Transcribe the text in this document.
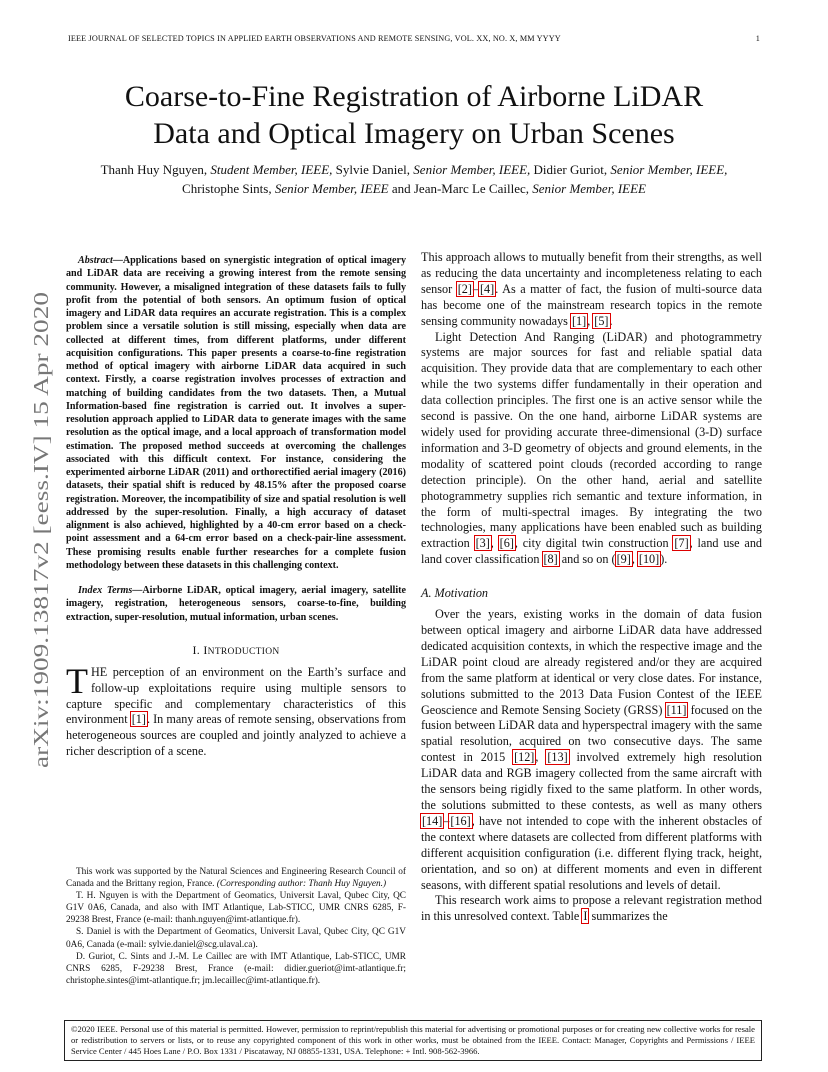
IEEE JOURNAL OF SELECTED TOPICS IN APPLIED EARTH OBSERVATIONS AND REMOTE SENSING, VOL. XX, NO. X, MM YYYY	1
Coarse-to-Fine Registration of Airborne LiDAR
Data and Optical Imagery on Urban Scenes
Thanh Huy Nguyen, Student Member, IEEE, Sylvie Daniel, Senior Member, IEEE, Didier Guriot, Senior Member, IEEE, Christophe Sints, Senior Member, IEEE and Jean-Marc Le Caillec, Senior Member, IEEE
arXiv:1909.13817v2 [eess.IV] 15 Apr 2020

Abstract—Applications based on synergistic integration of optical imagery and LiDAR data are receiving a growing interest from the remote sensing community. However, a misaligned integration of these datasets fails to fully profit from the potential of both sensors. An optimum fusion of optical imagery and LiDAR data requires an accurate registration. This is a complex problem since a versatile solution is still missing, especially when data are collected at different times, from different platforms, under different acquisition configurations. This paper presents a coarse-to-fine registration method of optical imagery with airborne LiDAR data acquired in such context. Firstly, a coarse registration involves processes of extraction and matching of building candidates from the two datasets. Then, a Mutual Information-based fine registration is carried out. It involves a super-resolution approach applied to LiDAR data to generate images with the same resolution as the optical image, and a local approach of transformation model estimation. The proposed method succeeds at overcoming the challenges associated with this difficult context. For instance, considering the experimented airborne LiDAR (2011) and orthorectified aerial imagery (2016) datasets, their spatial shift is reduced by 48.15% after the proposed coarse registration. Moreover, the incompatibility of size and spatial resolution is well addressed by the super-resolution. Finally, a high accuracy of dataset alignment is also achieved, highlighted by a 40-cm error based on a check-point assessment and a 64-cm error based on a check-pair-line assessment. These promising results enable further researches for a complete fusion methodology between these datasets in this challenging context.

Index Terms—Airborne LiDAR, optical imagery, aerial imagery, satellite imagery, registration, heterogeneous sensors, coarse-to-fine, building extraction, super-resolution, mutual information, urban scenes.

I. INTRODUCTION

THE perception of an environment on the Earth’s surface and follow-up exploitations require using multiple sensors to capture specific and complementary characteristics of this environment [1]. In many areas of remote sensing, observations from heterogeneous sources are coupled and jointly analyzed to achieve a richer description of a scene.

This work was supported by the Natural Sciences and Engineering Research Council of Canada and the Brittany region, France. (Corresponding author: Thanh Huy Nguyen.)

T. H. Nguyen is with the Department of Geomatics, Universit Laval, Qubec City, QC G1V 0A6, Canada, and also with IMT Atlantique, Lab-STICC, UMR CNRS 6285, F-29238 Brest, France (e-mail: thanh.nguyen@imt-atlantique.fr).

S. Daniel is with the Department of Geomatics, Universit Laval, Qubec City, QC G1V 0A6, Canada (e-mail: sylvie.daniel@scg.ulaval.ca).

D. Guriot, C. Sints and J.-M. Le Caillec are with IMT Atlantique, Lab-STICC, UMR CNRS 6285, F-29238 Brest, France (e-mail: didier.gueriot@imt-atlantique.fr; christophe.sintes@imt-atlantique.fr; jm.lecaillec@imt-atlantique.fr).

This approach allows to mutually benefit from their strengths, as well as reducing the data uncertainty and incompleteness relating to each sensor [2]–[4]. As a matter of fact, the fusion of multi-source data has become one of the mainstream research topics in the remote sensing community nowadays [1], [5].

Light Detection And Ranging (LiDAR) and photogrammetry systems are major sources for fast and reliable spatial data acquisition. They provide data that are complementary to each other while the two systems differ fundamentally in their operation and data collection principles. The first one is an active sensor while the second is passive. On the one hand, airborne LiDAR systems are widely used for providing accurate three-dimensional (3-D) surface information and 3-D geometry of objects and ground elements, in the modality of scattered point clouds (recorded according to range detection principle). On the other hand, aerial and satellite photogrammetry supplies rich semantic and texture information, in the form of multi-spectral images. By integrating the two technologies, many applications have been enabled such as building extraction [3], [6], city digital twin construction [7], land use and land cover classification [8] and so on ([9], [10]).

A. Motivation

Over the years, existing works in the domain of data fusion between optical imagery and airborne LiDAR data have addressed dedicated acquisition contexts, in which the respective image and the LiDAR point cloud are already registered and/or they are acquired from the same platform at identical or very close dates. For instance, solutions submitted to the 2013 Data Fusion Contest of the IEEE Geoscience and Remote Sensing Society (GRSS) [11] focused on the fusion between LiDAR data and hyperspectral imagery with the same spatial resolution, acquired on two consecutive days. The same contest in 2015 [12], [13] involved extremely high resolution LiDAR data and RGB imagery collected from the same aircraft with the sensors being rigidly fixed to the same platform. In other words, the solutions submitted to these contests, as well as many others [14]–[16], have not intended to cope with the inherent obstacles of the context where datasets are collected from different platforms with different acquisition configuration (i.e. different flying track, height, orientation, and so on) at different moments and even in different seasons, with different spatial resolutions and levels of detail.

This research work aims to propose a relevant registration method in this unresolved context. Table I summarizes the

©2020 IEEE. Personal use of this material is permitted. However, permission to reprint/republish this material for advertising or promotional purposes or for creating new collective works for resale or redistribution to servers or lists, or to reuse any copyrighted component of this work in other works, must be obtained from the IEEE. Contact: Manager, Copyrights and Permissions / IEEE Service Center / 445 Hoes Lane / P.O. Box 1331 / Piscataway, NJ 08855-1331, USA. Telephone: + Intl. 908-562-3966.
